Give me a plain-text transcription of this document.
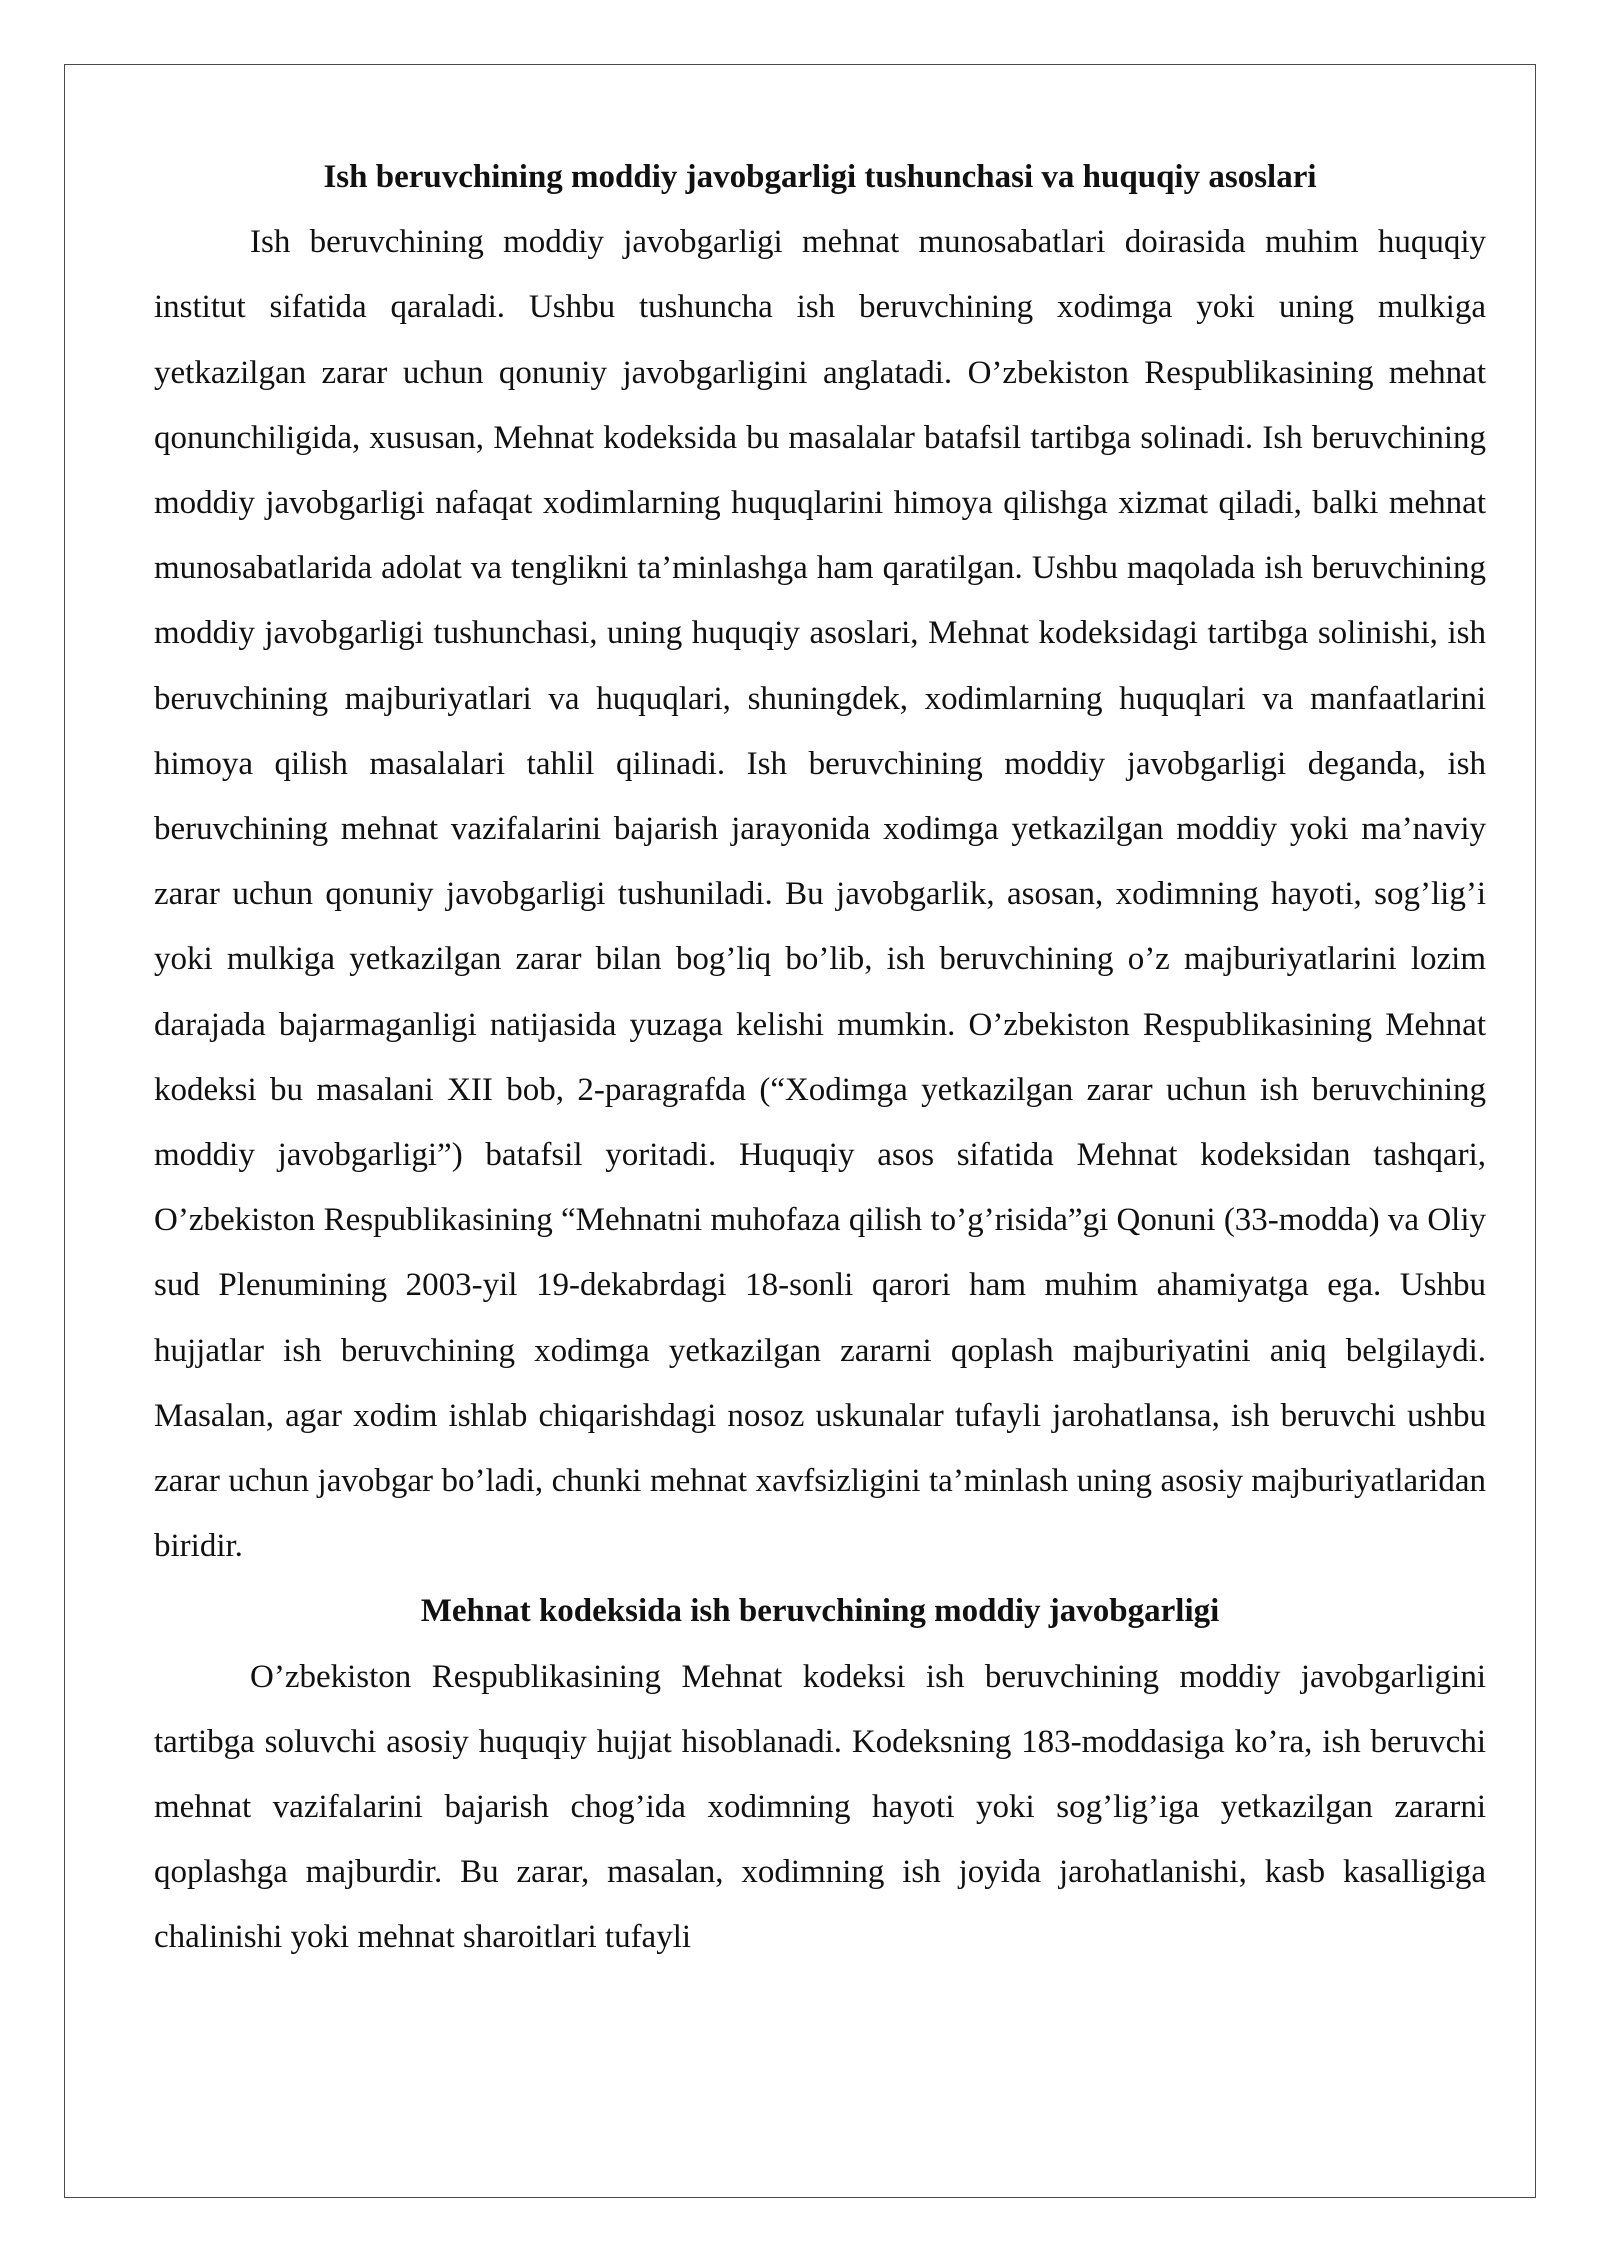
Ish beruvchining moddiy javobgarligi tushunchasi va huquqiy asoslari

Ish beruvchining moddiy javobgarligi mehnat munosabatlari doirasida muhim huquqiy institut sifatida qaraladi. Ushbu tushuncha ish beruvchining xodimga yoki uning mulkiga yetkazilgan zarar uchun qonuniy javobgarligini anglatadi. O’zbekiston Respublikasining mehnat qonunchiligida, xususan, Mehnat kodeksida bu masalalar batafsil tartibga solinadi. Ish beruvchining moddiy javobgarligi nafaqat xodimlarning huquqlarini himoya qilishga xizmat qiladi, balki mehnat munosabatlarida adolat va tenglikni ta’minlashga ham qaratilgan. Ushbu maqolada ish beruvchining moddiy javobgarligi tushunchasi, uning huquqiy asoslari, Mehnat kodeksidagi tartibga solinishi, ish beruvchining majburiyatlari va huquqlari, shuningdek, xodimlarning huquqlari va manfaatlarini himoya qilish masalalari tahlil qilinadi. Ish beruvchining moddiy javobgarligi deganda, ish beruvchining mehnat vazifalarini bajarish jarayonida xodimga yetkazilgan moddiy yoki ma’naviy zarar uchun qonuniy javobgarligi tushuniladi. Bu javobgarlik, asosan, xodimning hayoti, sog’lig’i yoki mulkiga yetkazilgan zarar bilan bog’liq bo’lib, ish beruvchining o’z majburiyatlarini lozim darajada bajarmaganligi natijasida yuzaga kelishi mumkin. O’zbekiston Respublikasining Mehnat kodeksi bu masalani XII bob, 2-paragrafda (“Xodimga yetkazilgan zarar uchun ish beruvchining moddiy javobgarligi”) batafsil yoritadi. Huquqiy asos sifatida Mehnat kodeksidan tashqari, O’zbekiston Respublikasining “Mehnatni muhofaza qilish to’g’risida”gi Qonuni (33-modda) va Oliy sud Plenumining 2003-yil 19-dekabrdagi 18-sonli qarori ham muhim ahamiyatga ega. Ushbu hujjatlar ish beruvchining xodimga yetkazilgan zararni qoplash majburiyatini aniq belgilaydi. Masalan, agar xodim ishlab chiqarishdagi nosoz uskunalar tufayli jarohatlansa, ish beruvchi ushbu zarar uchun javobgar bo’ladi, chunki mehnat xavfsizligini ta’minlash uning asosiy majburiyatlaridan biridir.

Mehnat kodeksida ish beruvchining moddiy javobgarligi

O’zbekiston Respublikasining Mehnat kodeksi ish beruvchining moddiy javobgarligini tartibga soluvchi asosiy huquqiy hujjat hisoblanadi. Kodeksning 183-moddasiga ko’ra, ish beruvchi mehnat vazifalarini bajarish chog’ida xodimning hayoti yoki sog’lig’iga yetkazilgan zararni qoplashga majburdir. Bu zarar, masalan, xodimning ish joyida jarohatlanishi, kasb kasalligiga chalinishi yoki mehnat sharoitlari tufayli
